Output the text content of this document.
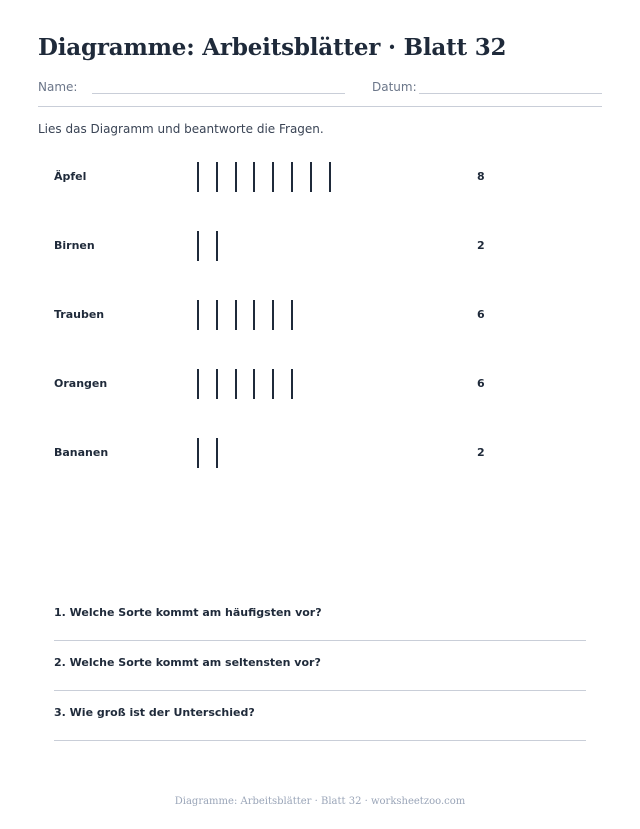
Diagramme: Arbeitsblätter · Blatt 32
Name:	Datum:

Lies das Diagramm und beantworte die Fragen.

Äpfel	8
Birnen	2
Trauben	6
Orangen	6
Bananen	2
1. Welche Sorte kommt am häufigsten vor?
2. Welche Sorte kommt am seltensten vor?
3. Wie groß ist der Unterschied?
Diagramme: Arbeitsblätter · Blatt 32 · worksheetzoo.com
